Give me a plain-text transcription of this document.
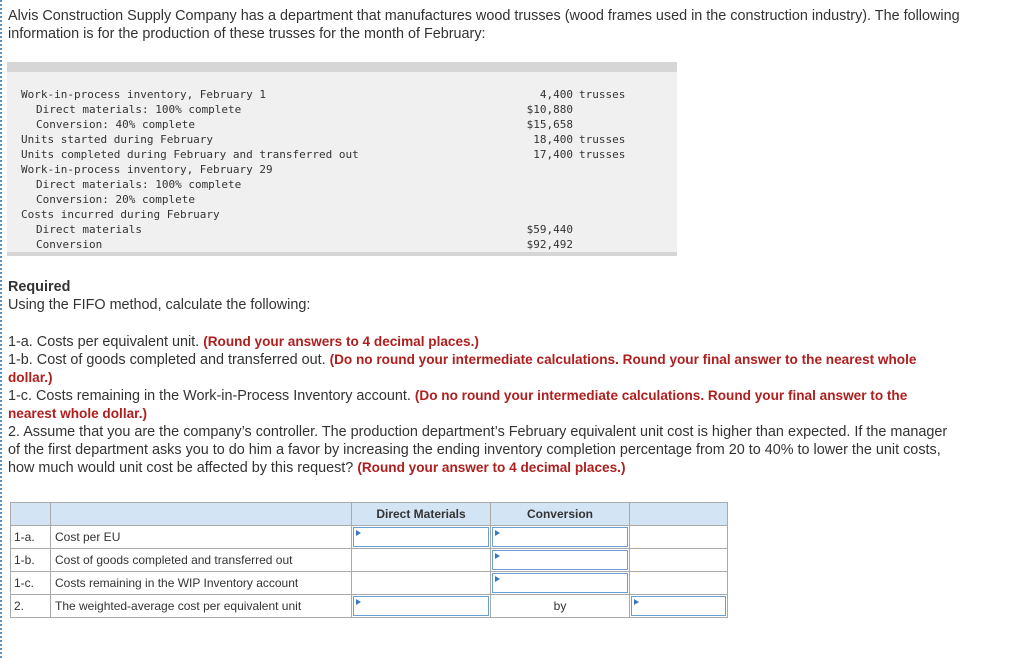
Alvis Construction Supply Company has a department that manufactures wood trusses (wood frames used in the construction industry). The following information is for the production of these trusses for the month of February:
Work-in-process inventory, February 1	4,400 trusses
Direct materials: 100% complete	$10,880
Conversion: 40% complete	$15,658
Units started during February	18,400 trusses
Units completed during February and transferred out	17,400 trusses
Work-in-process inventory, February 29
Direct materials: 100% complete
Conversion: 20% complete
Costs incurred during February
Direct materials	$59,440
Conversion	$92,492
Required
Using the FIFO method, calculate the following:
1-a. Costs per equivalent unit. (Round your answers to 4 decimal places.)
1-b. Cost of goods completed and transferred out. (Do no round your intermediate calculations. Round your final answer to the nearest whole dollar.)
1-c. Costs remaining in the Work-in-Process Inventory account. (Do no round your intermediate calculations. Round your final answer to the nearest whole dollar.)
2. Assume that you are the company’s controller. The production department’s February equivalent unit cost is higher than expected. If the manager of the first department asks you to do him a favor by increasing the ending inventory completion percentage from 20 to 40% to lower the unit costs, how much would unit cost be affected by this request? (Round your answer to 4 decimal places.)
		Direct Materials	Conversion	
1-a.	Cost per EU	

1-b.	Cost of goods completed and transferred out		

1-c.	Costs remaining in the WIP Inventory account		

2.	The weighted-average cost per equivalent unit		by	
